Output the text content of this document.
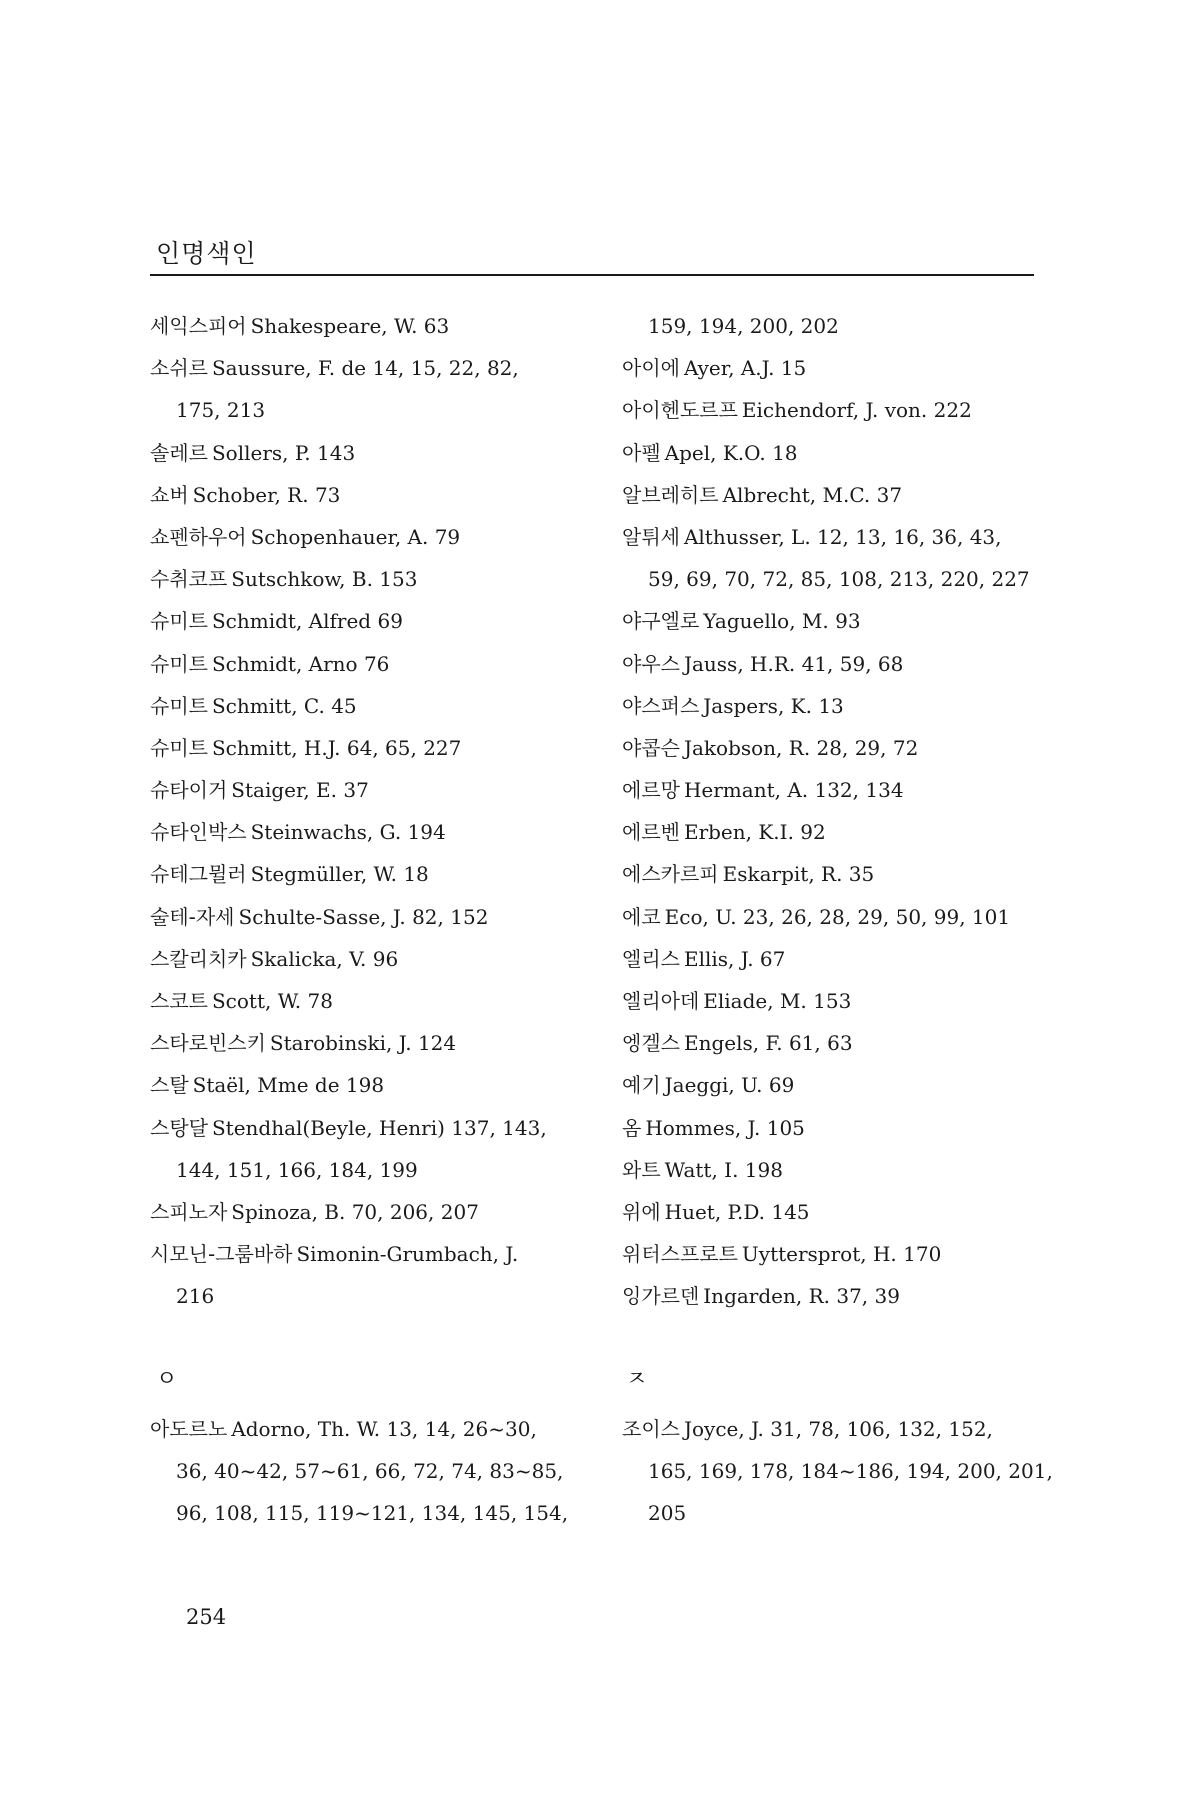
인명색인
세익스피어 Shakespeare, W. 63
소쉬르 Saussure, F. de 14, 15, 22, 82,
175, 213
솔레르 Sollers, P. 143
쇼버 Schober, R. 73
쇼펜하우어 Schopenhauer, A. 79
수취코프 Sutschkow, B. 153
슈미트 Schmidt, Alfred 69
슈미트 Schmidt, Arno 76
슈미트 Schmitt, C. 45
슈미트 Schmitt, H.J. 64, 65, 227
슈타이거 Staiger, E. 37
슈타인박스 Steinwachs, G. 194
슈테그뮐러 Stegmüller, W. 18
술테-자세 Schulte-Sasse, J. 82, 152
스칼리치카 Skalicka, V. 96
스코트 Scott, W. 78
스타로빈스키 Starobinski, J. 124
스탈 Staël, Mme de 198
스탕달 Stendhal(Beyle, Henri) 137, 143,
144, 151, 166, 184, 199
스피노자 Spinoza, B. 70, 206, 207
시모닌-그룸바하 Simonin-Grumbach, J.
216
159, 194, 200, 202
아이에 Ayer, A.J. 15
아이헨도르프 Eichendorf, J. von. 222
아펠 Apel, K.O. 18
알브레히트 Albrecht, M.C. 37
알튀세 Althusser, L. 12, 13, 16, 36, 43,
59, 69, 70, 72, 85, 108, 213, 220, 227
야구엘로 Yaguello, M. 93
야우스 Jauss, H.R. 41, 59, 68
야스퍼스 Jaspers, K. 13
야콥슨 Jakobson, R. 28, 29, 72
에르망 Hermant, A. 132, 134
에르벤 Erben, K.I. 92
에스카르피 Eskarpit, R. 35
에코 Eco, U. 23, 26, 28, 29, 50, 99, 101
엘리스 Ellis, J. 67
엘리아데 Eliade, M. 153
엥겔스 Engels, F. 61, 63
예기 Jaeggi, U. 69
옴 Hommes, J. 105
와트 Watt, I. 198
위에 Huet, P.D. 145
위터스프로트 Uyttersprot, H. 170
잉가르덴 Ingarden, R. 37, 39
ㅇ	ㅈ
아도르노 Adorno, Th. W. 13, 14, 26~30,
36, 40~42, 57~61, 66, 72, 74, 83~85,
96, 108, 115, 119~121, 134, 145, 154,
조이스 Joyce, J. 31, 78, 106, 132, 152,
165, 169, 178, 184~186, 194, 200, 201,
205
254
